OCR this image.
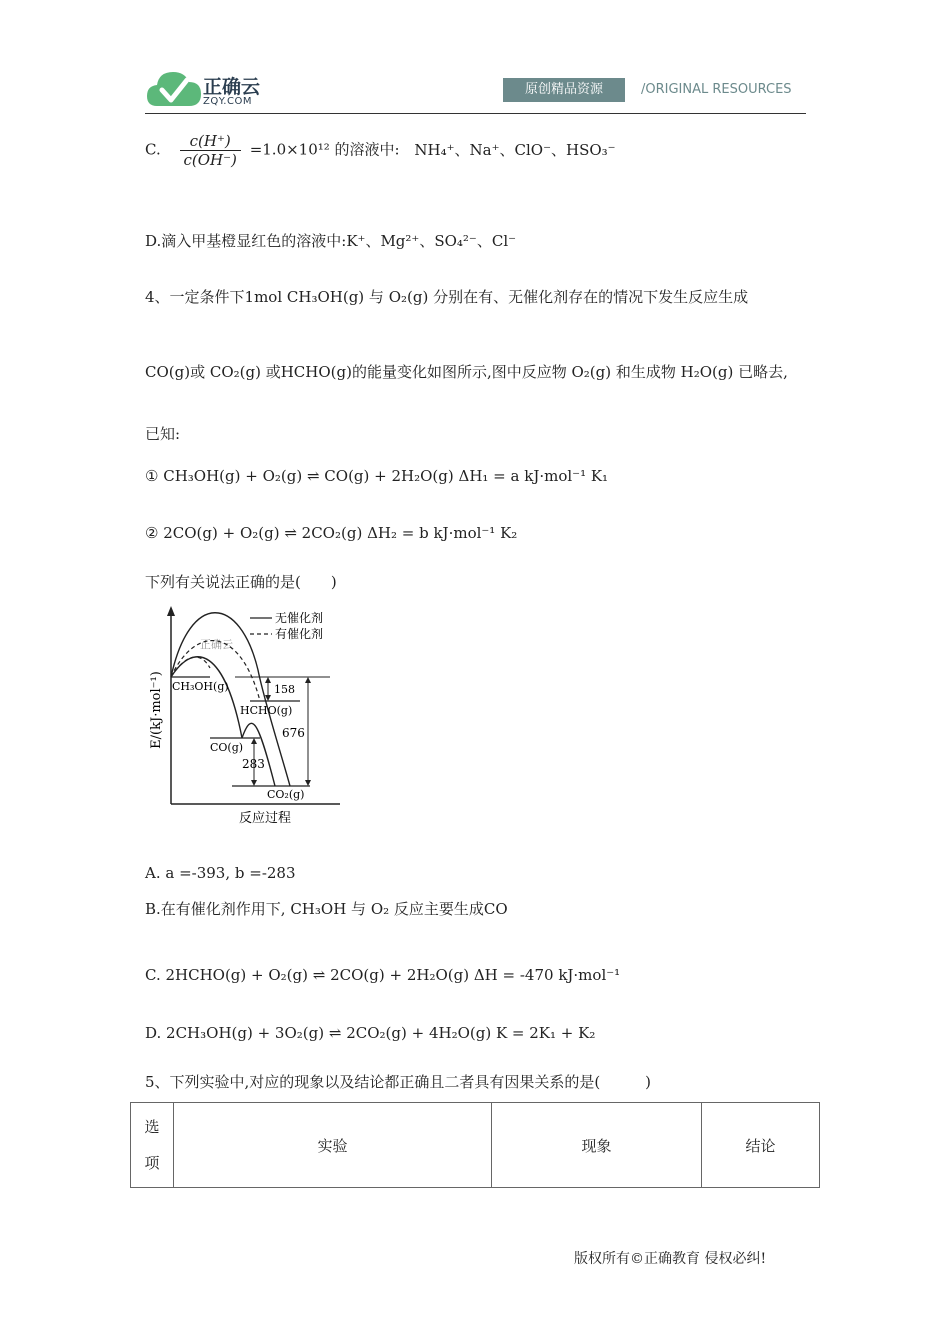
正确云
ZQY.COM
原创精品资源	/ORIGINAL RESOURCES
C. $\frac{c(H^+)}{c(OH^-)} =1.0\times 10^{12}$ 的溶液中: NH₄⁺、Na⁺、ClO⁻、HSO₃⁻
D.滴入甲基橙显红色的溶液中:K⁺、Mg²⁺、SO₄²⁻、Cl⁻
4、一定条件下1mol CH₃OH(g) 与 O₂(g) 分别在有、无催化剂存在的情况下发生反应生成
CO(g)或 CO₂(g) 或HCHO(g)的能量变化如图所示,图中反应物 O₂(g) 和生成物 H₂O(g) 已略去,
已知:
① CH₃OH(g) + O₂(g) ⇌ CO(g) + 2H₂O(g) ΔH₁ = a kJ·mol⁻¹ K₁
② 2CO(g) + O₂(g) ⇌ 2CO₂(g) ΔH₂ = b kJ·mol⁻¹ K₂
下列有关说法正确的是(　　)
E/(kJ·mol⁻¹)
反应过程
无催化剂
有催化剂
正确云
CH₃OH(g)
HCHO(g)
CO(g)
CO₂(g)
158
676
283
A. a =-393, b =-283
B.在有催化剂作用下, CH₃OH 与 O₂ 反应主要生成CO
C. 2HCHO(g) + O₂(g) ⇌ 2CO(g) + 2H₂O(g) ΔH = -470 kJ·mol⁻¹
D. 2CH₃OH(g) + 3O₂(g) ⇌ 2CO₂(g) + 4H₂O(g) K = 2K₁ + K₂
5、下列实验中,对应的现象以及结论都正确且二者具有因果关系的是(　　　)
选
项
	实验	现象	结论
版权所有©正确教育 侵权必纠!
